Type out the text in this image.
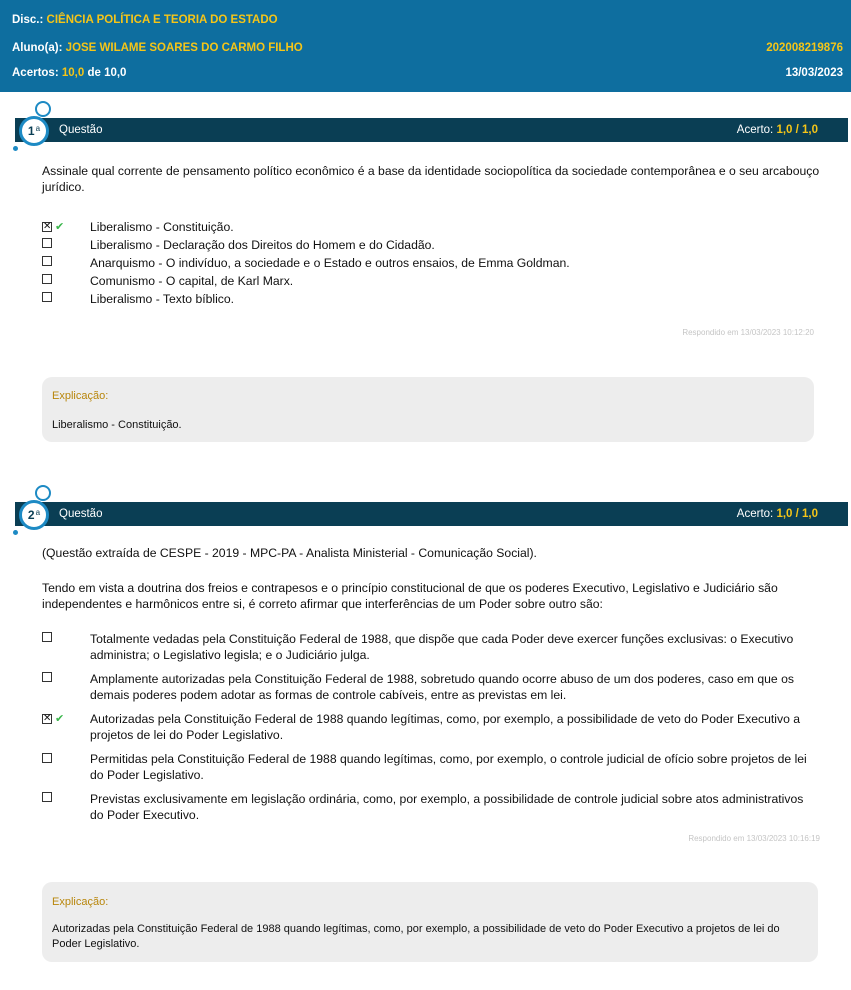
Disc.: CIÊNCIA POLÍTICA E TEORIA DO ESTADO
Aluno(a): JOSE WILAME SOARES DO CARMO FILHO	202008219876
Acertos: 10,0 de 10,0	13/03/2023
Questão	Acerto: 1,0 / 1,0
1$^a$
Assinale qual corrente de pensamento político econômico é a base da identidade sociopolítica da sociedade contemporânea e o seu arcabouço jurídico.
✕
✔ Liberalismo - Constituição.
Liberalismo - Declaração dos Direitos do Homem e do Cidadão.
Anarquismo - O indivíduo, a sociedade e o Estado e outros ensaios, de Emma Goldman.
Comunismo - O capital, de Karl Marx.
Liberalismo - Texto bíblico.
Respondido em 13/03/2023 10:12:20
Explicação:
Liberalismo - Constituição.
Questão	Acerto: 1,0 / 1,0
2$^a$
(Questão extraída de CESPE - 2019 - MPC-PA - Analista Ministerial - Comunicação Social).
Tendo em vista a doutrina dos freios e contrapesos e o princípio constitucional de que os poderes Executivo, Legislativo e Judiciário são independentes e harmônicos entre si, é correto afirmar que interferências de um Poder sobre outro são:
Totalmente vedadas pela Constituição Federal de 1988, que dispõe que cada Poder deve exercer funções exclusivas: o Executivo administra; o Legislativo legisla; e o Judiciário julga.
Amplamente autorizadas pela Constituição Federal de 1988, sobretudo quando ocorre abuso de um dos poderes, caso em que os demais poderes podem adotar as formas de controle cabíveis, entre as previstas em lei.
✕
✔ Autorizadas pela Constituição Federal de 1988 quando legítimas, como, por exemplo, a possibilidade de veto do Poder Executivo a projetos de lei do Poder Legislativo.
Permitidas pela Constituição Federal de 1988 quando legítimas, como, por exemplo, o controle judicial de ofício sobre projetos de lei do Poder Legislativo.
Previstas exclusivamente em legislação ordinária, como, por exemplo, a possibilidade de controle judicial sobre atos administrativos do Poder Executivo.
Respondido em 13/03/2023 10:16:19
Explicação:
Autorizadas pela Constituição Federal de 1988 quando legítimas, como, por exemplo, a possibilidade de veto do Poder Executivo a projetos de lei do Poder Legislativo.
